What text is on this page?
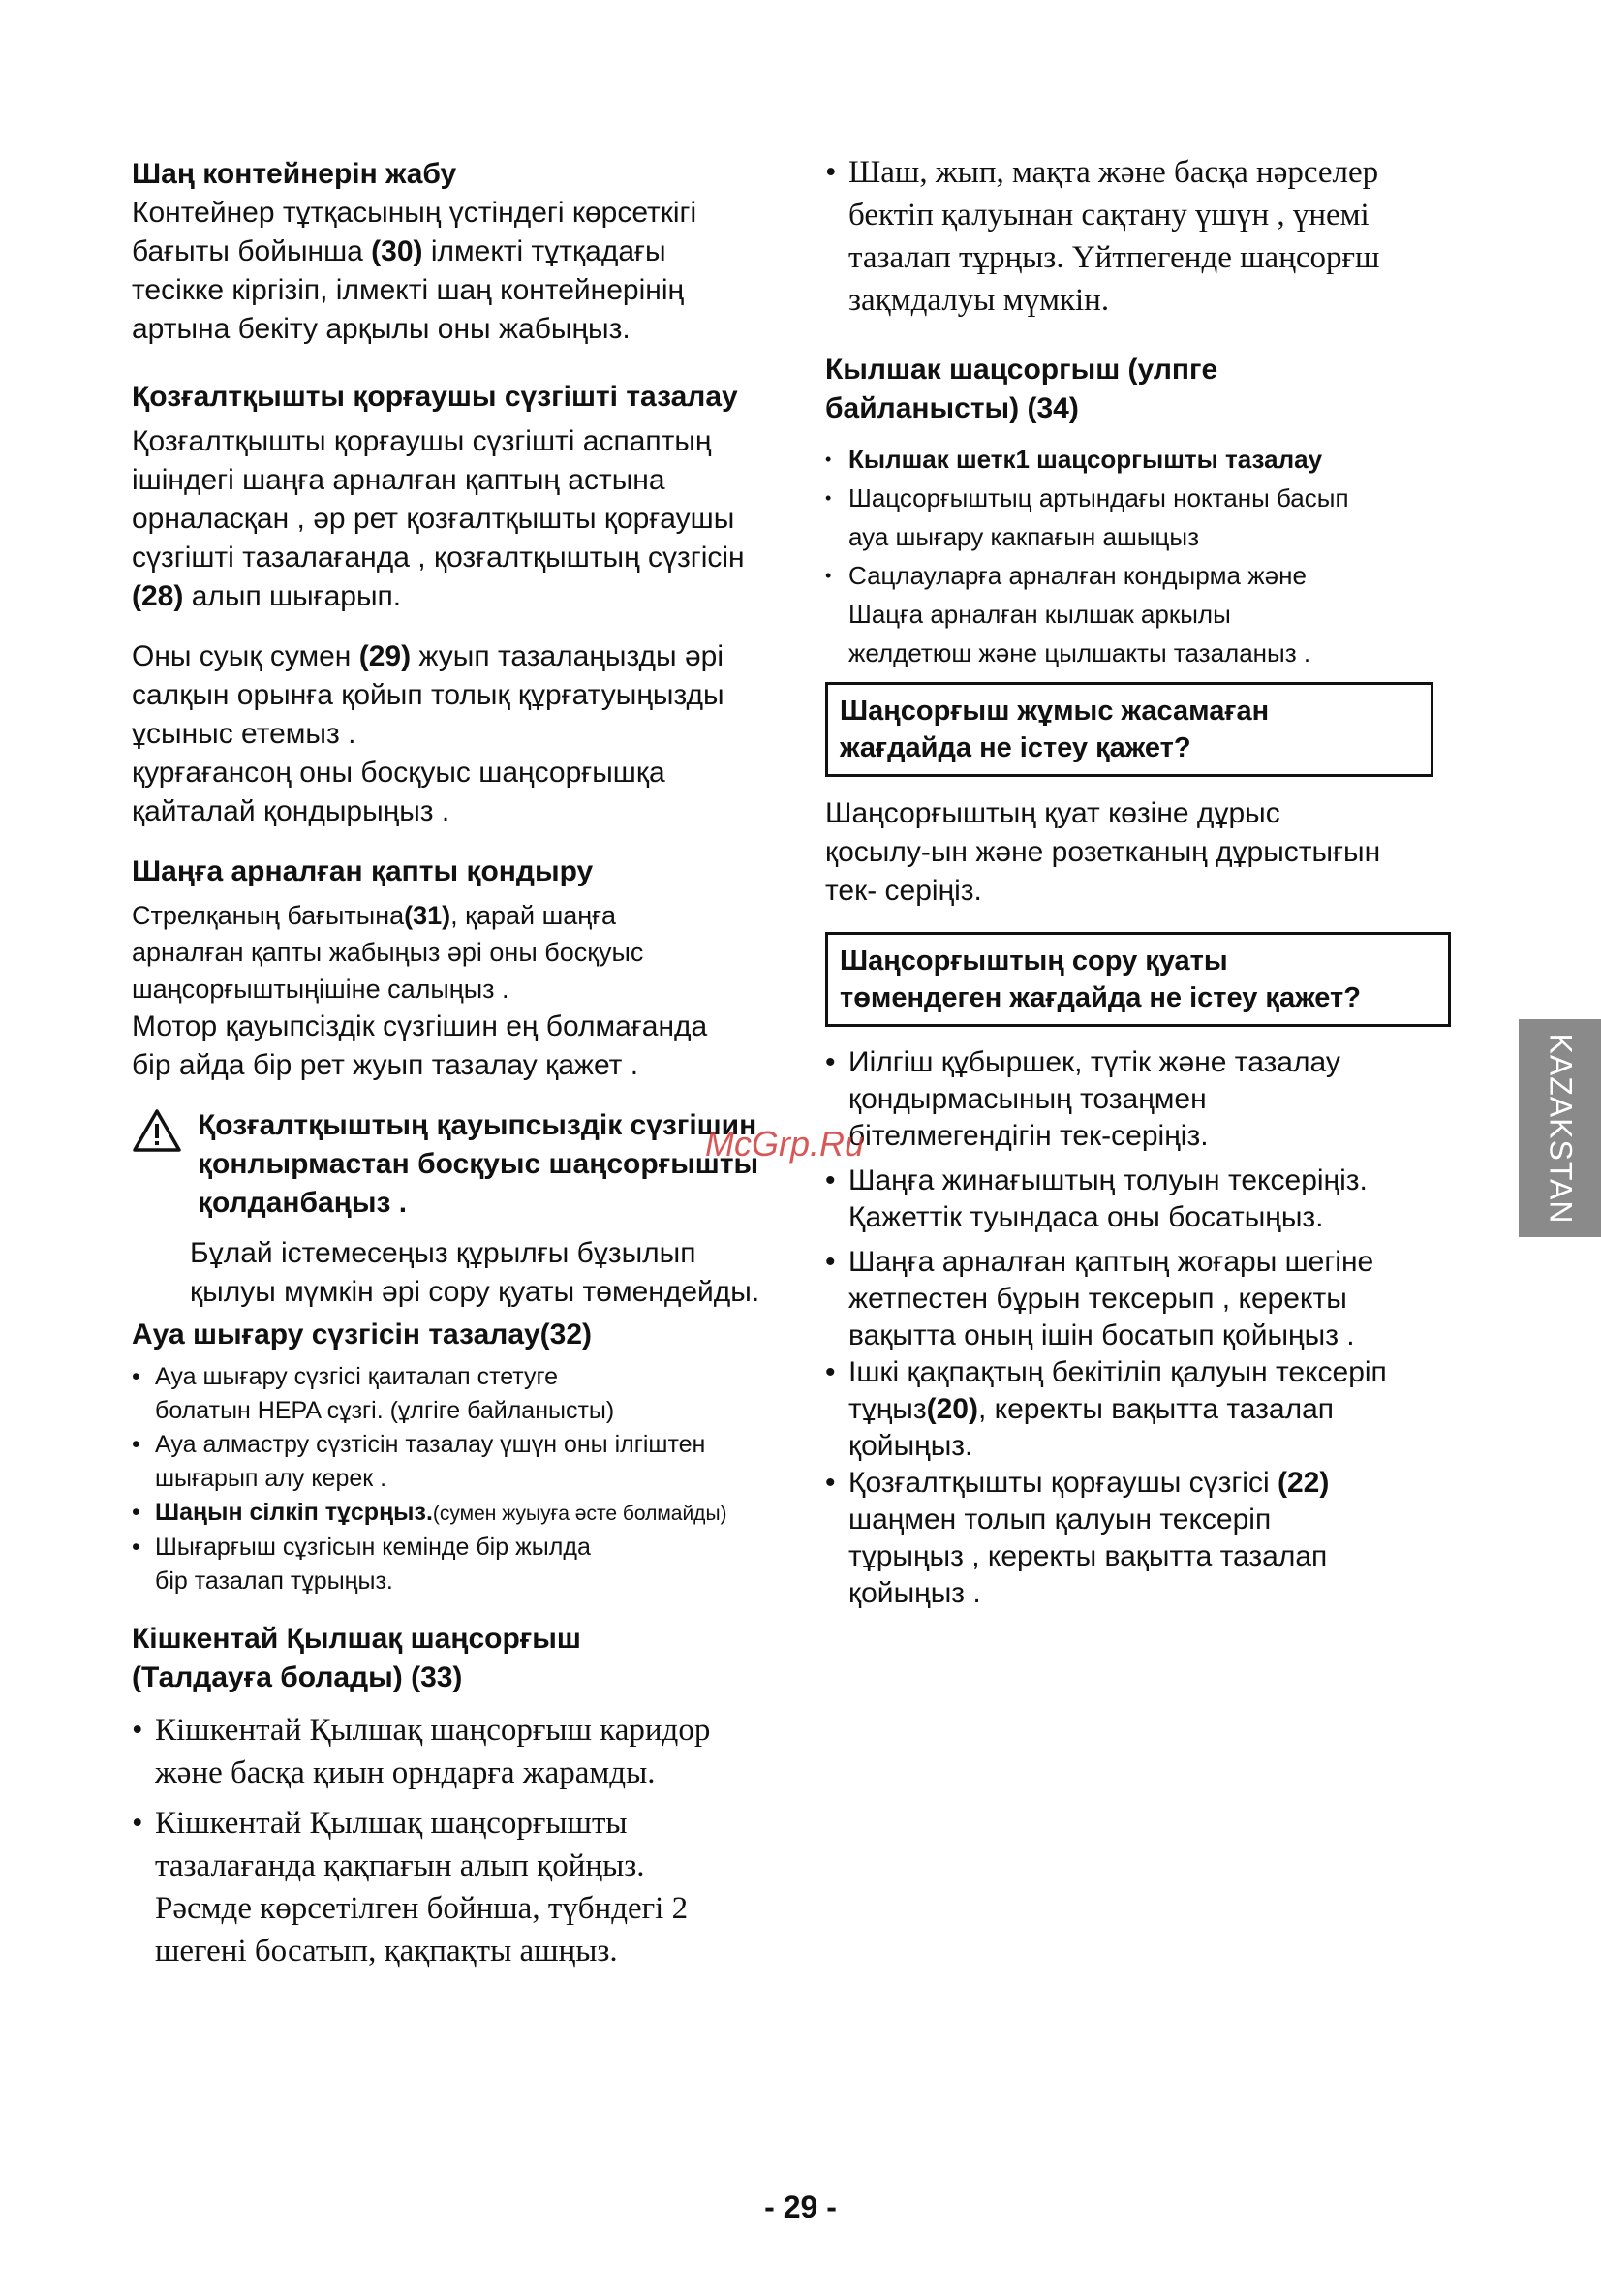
Шаң контейнерін жабу

Контейнер тұтқасының үстіндегі көрсеткігі

бағыты бойынша (30) ілмекті тұтқадағы

тесікке кіргізіп, ілмекті шаң контейнерінің

артына бекіту арқылы оны жабыңыз.

Қозғалтқышты қорғаушы сүзгішті тазалау

Қозғалтқышты қорғаушы сүзгішті аспаптың

ішіндегі шаңға арналған қаптың астына

орналасқан , әр рет қозғалтқышты қорғаушы

сүзгішті тазалағанда , қозғалтқыштың сүзгісін

(28) алып шығарып.

Оны суық сумен (29) жуып тазалаңызды әрі

салқын орынға қойып толық құрғатуыңызды

ұсыныс етемыз .

қурғағансоң оны босқуыс шаңсорғышқа

қайталай қондырыңыз .

Шаңға арналған қапты қондыру

Стрелқаның бағытына(31), қарай шаңға

арналған қапты жабыңыз әрі оны босқуыс

шаңсорғыштыңішіне салыңыз .

Мотор қауыпсіздік сүзгішин ең болмағанда

бір айда бір рет жуып тазалау қажет .

Қозғалтқыштың қауыпсыздік сүзгішин
қонлырмастан босқуыс шаңсорғышты
қолданбаңыз .

Бұлай істемесеңыз құрылғы бұзылып

қылуы мүмкін әрі сору қуаты төмендейды.

Ауа шығару сүзгісін тазалау(32)
• Ауа шығару сүзгісі қаиталап стетуге
болатын HEPA сұзгі. (ұлгіге байланысты)
• Ауа алмастру сүзтісін тазалау үшүн оны ілгіштен
шығарып алу керек .
• Шаңын сілкіп тұсрңыз.(сумен жуыуға әсте болмайды)
• Шығарғыш сұзгісын кемінде бір жылда
бір тазалап тұрыңыз.
Кішкентай Қылшақ шаңсорғыш
(Талдауға болады) (33)
• Кішкентай Қылшақ шаңсорғыш каридор
және басқа қиын орндарға жарамды.
• Кішкентай Қылшақ шаңсорғышты
тазалағанда қақпағын алып қойңыз.
Рәсмде көрсетілген бойнша, түбндегі 2
шегені босатып, қақпақты ашңыз.
• Шаш, жып, мақта және басқа нәрселер
бектіп қалуынан сақтану үшүн , үнемі
тазалап тұрңыз. Үйтпегенде шаңсорғш
зақмдалуы мүмкін.
Кылшак шацсоргыш (улпге
байланысты) (34)
• Кылшак шетк1 шацсоргышты тазалау
• Шацсорғыштыц артындағы ноктаны басып
ауа шығару какпағын ашыцыз
• Сацлауларға арналған кондырма және
Шацға арналған кылшак аркылы
желдетюш және цылшакты тазаланыз .
Шаңсорғыш жұмыс жасамаған
жағдайда не істеу қажет?

Шаңсорғыштың қуат көзіне дұрыс

қосылу-ын және розетканың дұрыстығын

тек- серіңіз.

Шаңсорғыштың сору қуаты
төмендеген жағдайда не істеу қажет?
• Иілгіш құбыршек, түтік және тазалау
қондырмасының тозаңмен
бітелмегендігін тек-серіңіз.
• Шаңға жинағыштың толуын тексеріңіз.
Қажеттік туындаса оны босатыңыз.
• Шаңға арналған қаптың жоғары шегіне
жетпестен бұрын тексерып , керекты
вақытта оның ішін босатып қойыңыз .
• Ішкі қақпақтың бекітіліп қалуын тексеріп
тұңыз(20), керекты вақытта тазалап
қойыңыз.
• Қозғалтқышты қорғаушы сүзгісі (22)
шаңмен толып қалуын тексеріп
тұрыңыз , керекты вақытта тазалап
қойыңыз .
McGrp.Ru	KAZAKSTAN
- 29 -
